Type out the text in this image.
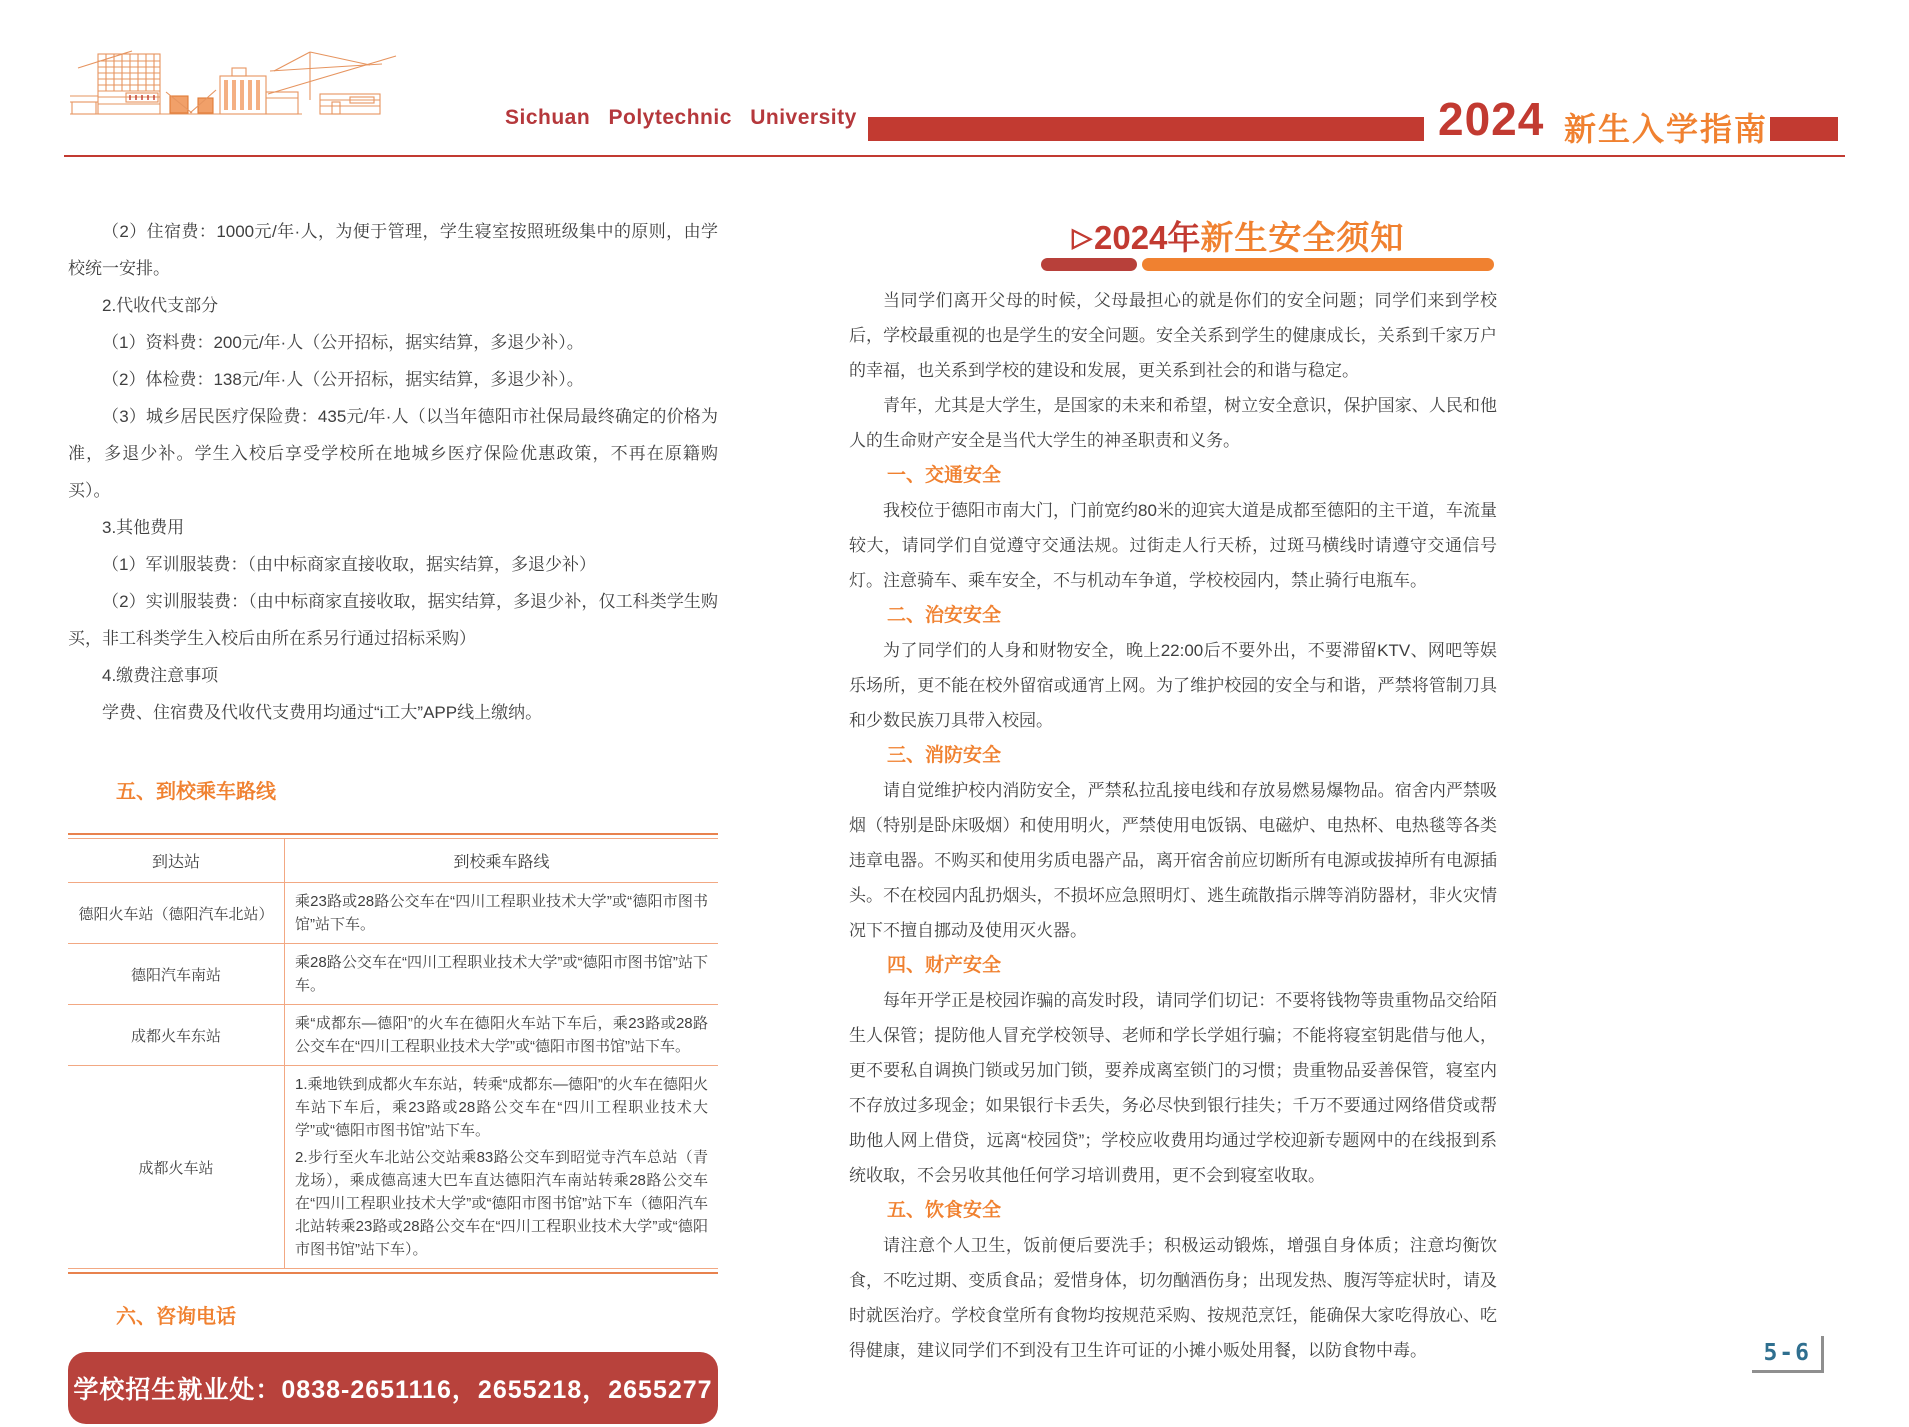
Sichuan Polytechnic University	2024 新生入学指南

（2）住宿费：1000元/年·人，为便于管理，学生寝室按照班级集中的原则，由学校统一安排。

2.代收代支部分

（1）资料费：200元/年·人（公开招标，据实结算，多退少补）。

（2）体检费：138元/年·人（公开招标，据实结算，多退少补）。

（3）城乡居民医疗保险费：435元/年·人（以当年德阳市社保局最终确定的价格为准，多退少补。学生入校后享受学校所在地城乡医疗保险优惠政策，不再在原籍购买）。

3.其他费用

（1）军训服装费：（由中标商家直接收取，据实结算，多退少补）

（2）实训服装费：（由中标商家直接收取，据实结算，多退少补，仅工科类学生购买，非工科类学生入校后由所在系另行通过招标采购）

4.缴费注意事项

学费、住宿费及代收代支费用均通过“i工大”APP线上缴纳。

五、到校乘车路线
到达站	到校乘车路线
德阳火车站（德阳汽车北站）	乘23路或28路公交车在“四川工程职业技术大学”或“德阳市图书馆”站下车。

德阳汽车南站	乘28路公交车在“四川工程职业技术大学”或“德阳市图书馆”站下车。

成都火车东站	乘“成都东—德阳”的火车在德阳火车站下车后，乘23路或28路公交车在“四川工程职业技术大学”或“德阳市图书馆”站下车。

成都火车站	1.乘地铁到成都火车东站，转乘“成都东—德阳”的火车在德阳火车站下车后，乘23路或28路公交车在“四川工程职业技术大学”或“德阳市图书馆”站下车。

2.步行至火车北站公交站乘83路公交车到昭觉寺汽车总站（青龙场），乘成德高速大巴车直达德阳汽车南站转乘28路公交车在“四川工程职业技术大学”或“德阳市图书馆”站下车（德阳汽车北站转乘23路或28路公交车在“四川工程职业技术大学”或“德阳市图书馆”站下车）。

六、咨询电话
学校招生就业处：0838-2651116，2655218，2655277
▷2024年新生安全须知

当同学们离开父母的时候，父母最担心的就是你们的安全问题；同学们来到学校后，学校最重视的也是学生的安全问题。安全关系到学生的健康成长，关系到千家万户的幸福，也关系到学校的建设和发展，更关系到社会的和谐与稳定。

青年，尤其是大学生，是国家的未来和希望，树立安全意识，保护国家、人民和他人的生命财产安全是当代大学生的神圣职责和义务。

一、交通安全

我校位于德阳市南大门，门前宽约80米的迎宾大道是成都至德阳的主干道，车流量较大，请同学们自觉遵守交通法规。过街走人行天桥，过斑马横线时请遵守交通信号灯。注意骑车、乘车安全，不与机动车争道，学校校园内，禁止骑行电瓶车。

二、治安安全

为了同学们的人身和财物安全，晚上22:00后不要外出，不要滞留KTV、网吧等娱乐场所，更不能在校外留宿或通宵上网。为了维护校园的安全与和谐，严禁将管制刀具和少数民族刀具带入校园。

三、消防安全

请自觉维护校内消防安全，严禁私拉乱接电线和存放易燃易爆物品。宿舍内严禁吸烟（特别是卧床吸烟）和使用明火，严禁使用电饭锅、电磁炉、电热杯、电热毯等各类违章电器。不购买和使用劣质电器产品，离开宿舍前应切断所有电源或拔掉所有电源插头。不在校园内乱扔烟头，不损坏应急照明灯、逃生疏散指示牌等消防器材，非火灾情况下不擅自挪动及使用灭火器。

四、财产安全

每年开学正是校园诈骗的高发时段，请同学们切记：不要将钱物等贵重物品交给陌生人保管；提防他人冒充学校领导、老师和学长学姐行骗；不能将寝室钥匙借与他人，更不要私自调换门锁或另加门锁，要养成离室锁门的习惯；贵重物品妥善保管，寝室内不存放过多现金；如果银行卡丢失，务必尽快到银行挂失；千万不要通过网络借贷或帮助他人网上借贷，远离“校园贷”；学校应收费用均通过学校迎新专题网中的在线报到系统收取，不会另收其他任何学习培训费用，更不会到寝室收取。

五、饮食安全

请注意个人卫生，饭前便后要洗手；积极运动锻炼，增强自身体质；注意均衡饮食，不吃过期、变质食品；爱惜身体，切勿酗酒伤身；出现发热、腹泻等症状时，请及时就医治疗。学校食堂所有食物均按规范采购、按规范烹饪，能确保大家吃得放心、吃得健康，建议同学们不到没有卫生许可证的小摊小贩处用餐，以防食物中毒。	5-6
